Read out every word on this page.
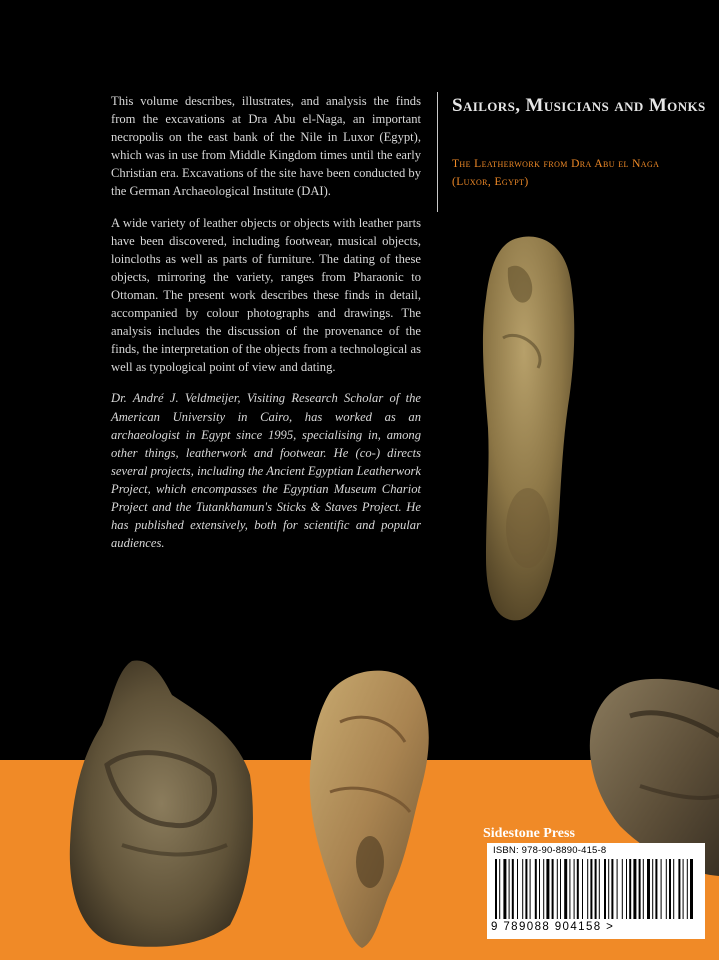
This volume describes, illustrates, and analysis the finds from the excavations at Dra Abu el-Naga, an important necropolis on the east bank of the Nile in Luxor (Egypt), which was in use from Middle Kingdom times until the early Christian era. Excavations of the site have been conducted by the German Archaeological Institute (DAI).

A wide variety of leather objects or objects with leather parts have been discovered, including footwear, musical objects, loincloths as well as parts of furniture. The dating of these objects, mirroring the variety, ranges from Pharaonic to Ottoman. The present work describes these finds in detail, accompanied by colour photographs and drawings. The analysis includes the discussion of the provenance of the finds, the interpretation of the objects from a technological as well as typological point of view and dating.

Dr. André J. Veldmeijer, Visiting Research Scholar of the American University in Cairo, has worked as an archaeologist in Egypt since 1995, specialising in, among other things, leatherwork and footwear. He (co-) directs several projects, including the Ancient Egyptian Leatherwork Project, which encompasses the Egyptian Museum Chariot Project and the Tutankhamun's Sticks & Staves Project. He has published extensively, both for scientific and popular audiences.

Sailors, Musicians and Monks

The Leatherwork from Dra Abu el Naga (Luxor, Egypt)

Sidestone Press
ISBN: 978-90-8890-415-8
9 789088 904158 >
